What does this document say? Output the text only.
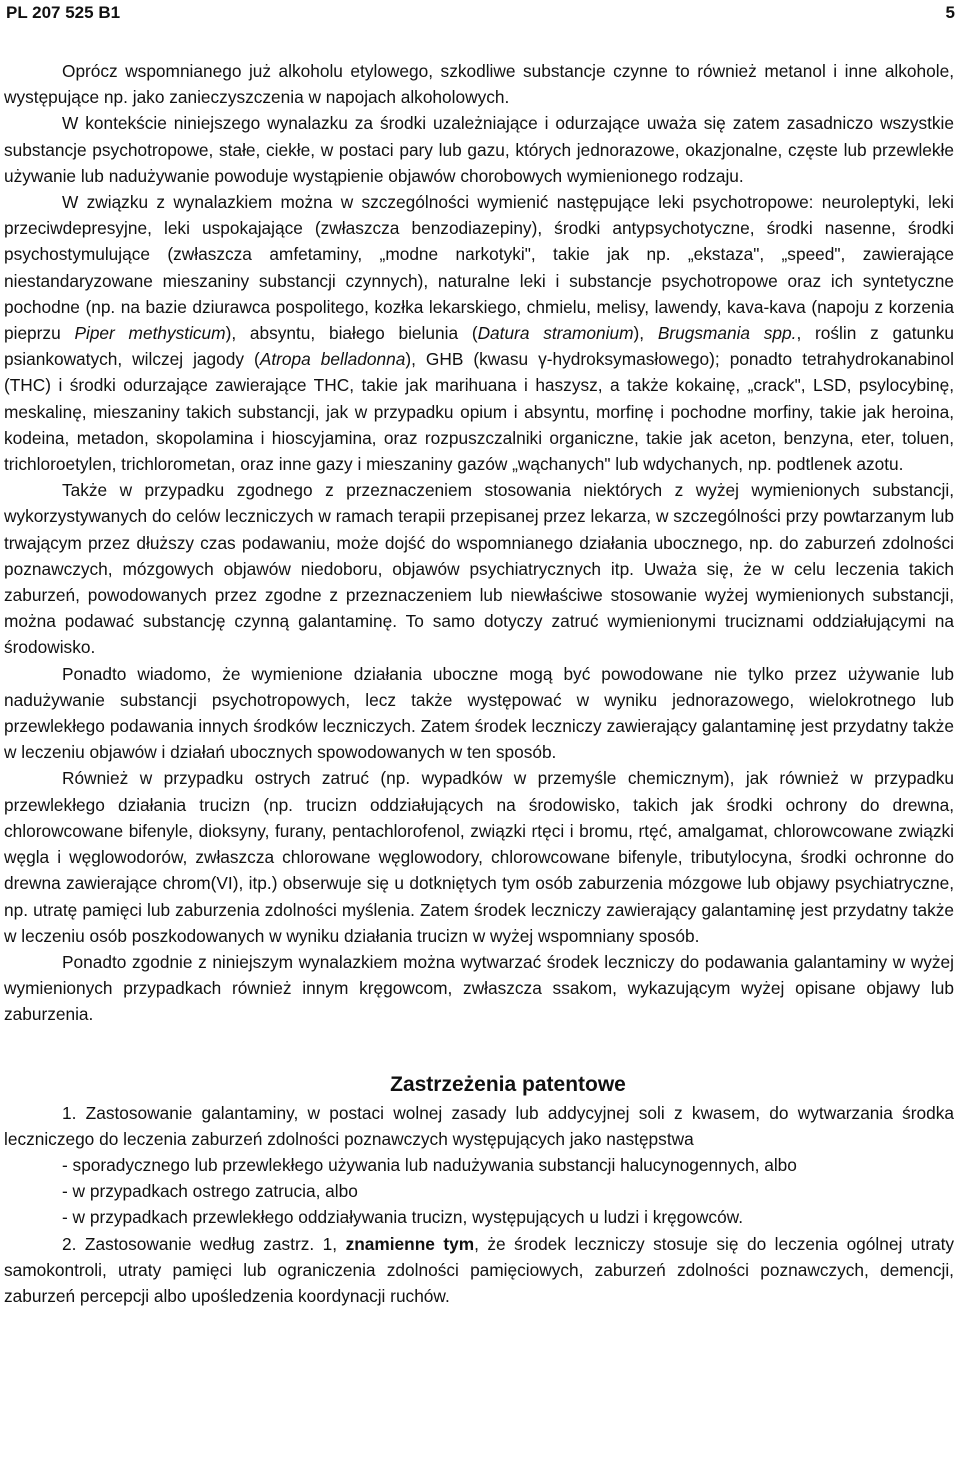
PL 207 525 B1	5

Oprócz wspomnianego już alkoholu etylowego, szkodliwe substancje czynne to również metanol i inne alkohole, występujące np. jako zanieczyszczenia w napojach alkoholowych.

W kontekście niniejszego wynalazku za środki uzależniające i odurzające uważa się zatem zasadniczo wszystkie substancje psychotropowe, stałe, ciekłe, w postaci pary lub gazu, których jednorazowe, okazjonalne, częste lub przewlekłe używanie lub nadużywanie powoduje wystąpienie objawów chorobowych wymienionego rodzaju.

W związku z wynalazkiem można w szczególności wymienić następujące leki psychotropowe: neuroleptyki, leki przeciwdepresyjne, leki uspokajające (zwłaszcza benzodiazepiny), środki antypsychotyczne, środki nasenne, środki psychostymulujące (zwłaszcza amfetaminy, „modne narkotyki", takie jak np. „ekstaza", „speed", zawierające niestandaryzowane mieszaniny substancji czynnych), naturalne leki i substancje psychotropowe oraz ich syntetyczne pochodne (np. na bazie dziurawca pospolitego, kozłka lekarskiego, chmielu, melisy, lawendy, kava-kava (napoju z korzenia pieprzu Piper methysticum), absyntu, białego bielunia (Datura stramonium), Brugsmania spp., roślin z gatunku psiankowatych, wilczej jagody (Atropa belladonna), GHB (kwasu γ-hydroksymasłowego); ponadto tetrahydrokanabinol (THC) i środki odurzające zawierające THC, takie jak marihuana i haszysz, a także kokainę, „crack", LSD, psylocybinę, meskalinę, mieszaniny takich substancji, jak w przypadku opium i absyntu, morfinę i pochodne morfiny, takie jak heroina, kodeina, metadon, skopolamina i hioscyjamina, oraz rozpuszczalniki organiczne, takie jak aceton, benzyna, eter, toluen, trichloroetylen, trichlorometan, oraz inne gazy i mieszaniny gazów „wąchanych" lub wdychanych, np. podtlenek azotu.

Także w przypadku zgodnego z przeznaczeniem stosowania niektórych z wyżej wymienionych substancji, wykorzystywanych do celów leczniczych w ramach terapii przepisanej przez lekarza, w szczególności przy powtarzanym lub trwającym przez dłuższy czas podawaniu, może dojść do wspomnianego działania ubocznego, np. do zaburzeń zdolności poznawczych, mózgowych objawów niedoboru, objawów psychiatrycznych itp. Uważa się, że w celu leczenia takich zaburzeń, powodowanych przez zgodne z przeznaczeniem lub niewłaściwe stosowanie wyżej wymienionych substancji, można podawać substancję czynną galantaminę. To samo dotyczy zatruć wymienionymi truciznami oddziałującymi na środowisko.

Ponadto wiadomo, że wymienione działania uboczne mogą być powodowane nie tylko przez używanie lub nadużywanie substancji psychotropowych, lecz także występować w wyniku jednorazowego, wielokrotnego lub przewlekłego podawania innych środków leczniczych. Zatem środek leczniczy zawierający galantaminę jest przydatny także w leczeniu objawów i działań ubocznych spowodowanych w ten sposób.

Również w przypadku ostrych zatruć (np. wypadków w przemyśle chemicznym), jak również w przypadku przewlekłego działania trucizn (np. trucizn oddziałujących na środowisko, takich jak środki ochrony do drewna, chlorowcowane bifenyle, dioksyny, furany, pentachlorofenol, związki rtęci i bromu, rtęć, amalgamat, chlorowcowane związki węgla i węglowodorów, zwłaszcza chlorowane węglowodory, chlorowcowane bifenyle, tributylocyna, środki ochronne do drewna zawierające chrom(VI), itp.) obserwuje się u dotkniętych tym osób zaburzenia mózgowe lub objawy psychiatryczne, np. utratę pamięci lub zaburzenia zdolności myślenia. Zatem środek leczniczy zawierający galantaminę jest przydatny także w leczeniu osób poszkodowanych w wyniku działania trucizn w wyżej wspomniany sposób.

Ponadto zgodnie z niniejszym wynalazkiem można wytwarzać środek leczniczy do podawania galantaminy w wyżej wymienionych przypadkach również innym kręgowcom, zwłaszcza ssakom, wykazującym wyżej opisane objawy lub zaburzenia.

Zastrzeżenia patentowe

1. Zastosowanie galantaminy, w postaci wolnej zasady lub addycyjnej soli z kwasem, do wytwarzania środka leczniczego do leczenia zaburzeń zdolności poznawczych występujących jako następstwa

- sporadycznego lub przewlekłego używania lub nadużywania substancji halucynogennych, albo

- w przypadkach ostrego zatrucia, albo

- w przypadkach przewlekłego oddziaływania trucizn, występujących u ludzi i kręgowców.

2. Zastosowanie według zastrz. 1, znamienne tym, że środek leczniczy stosuje się do leczenia ogólnej utraty samokontroli, utraty pamięci lub ograniczenia zdolności pamięciowych, zaburzeń zdolności poznawczych, demencji, zaburzeń percepcji albo upośledzenia koordynacji ruchów.
